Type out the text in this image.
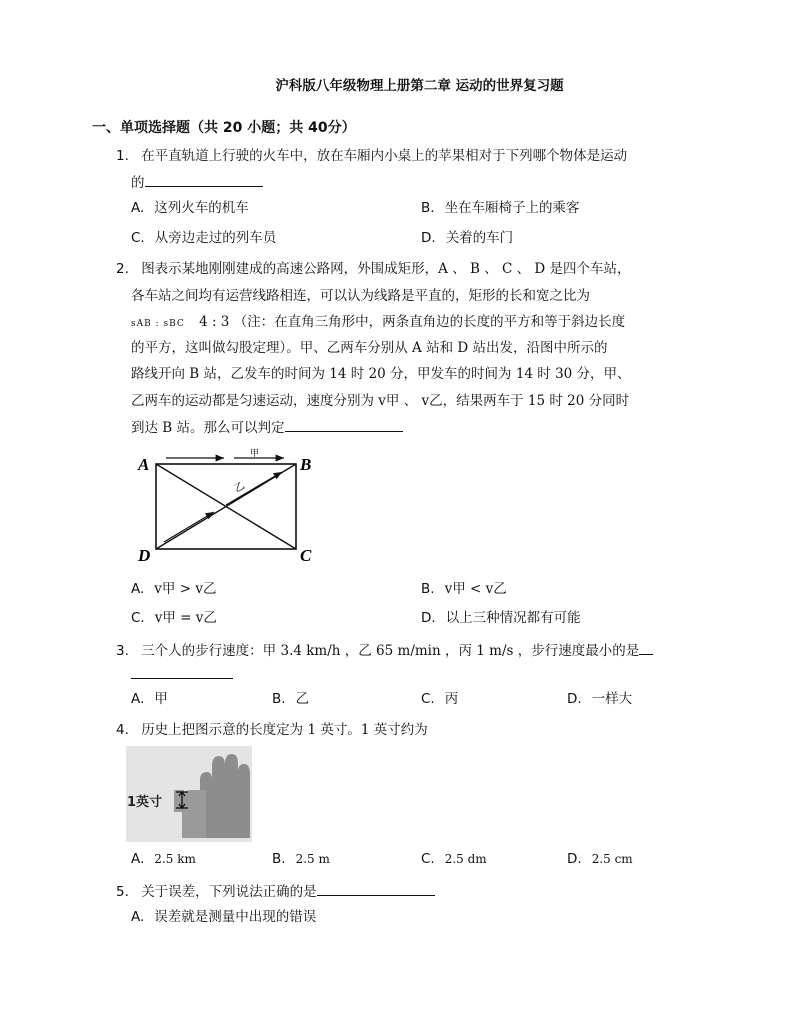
沪科版八年级物理上册第二章 运动的世界复习题
一、单项选择题（共 20 小题；共 40分）
1. 在平直轨道上行驶的火车中，放在车厢内小桌上的苹果相对于下列哪个物体是运动
的
A. 这列火车的机车	B. 坐在车厢椅子上的乘客
C. 从旁边走过的列车员	D. 关着的车门
2. 图表示某地刚刚建成的高速公路网，外围成矩形，A 、 B 、 C 、 D 是四个车站，
各车站之间均有运营线路相连，可以认为线路是平直的，矩形的长和宽之比为
sAB : sBC 4 : 3 （注：在直角三角形中，两条直角边的长度的平方和等于斜边长度
的平方，这叫做勾股定理）。甲、乙两车分别从 A 站和 D 站出发，沿图中所示的
路线开向 B 站，乙发车的时间为 14 时 20 分，甲发车的时间为 14 时 30 分，甲、
乙两车的运动都是匀速运动，速度分别为 v甲 、 v乙，结果两车于 15 时 20 分同时
到达 B 站。那么可以判定
A	B
C
D
甲
乙
A. v甲 > v乙	B. v甲 < v乙
C. v甲 = v乙	D. 以上三种情况都有可能
3. 三个人的步行速度：甲 3.4 km/h ，乙 65 m/min ，丙 1 m/s ，步行速度最小的是
A. 甲	B. 乙	C. 丙	D. 一样大
4. 历史上把图示意的长度定为 1 英寸。1 英寸约为
1英寸
A. 2.5 km	B. 2.5 m	C. 2.5 dm	D. 2.5 cm
5. 关于误差，下列说法正确的是
A. 误差就是测量中出现的错误
